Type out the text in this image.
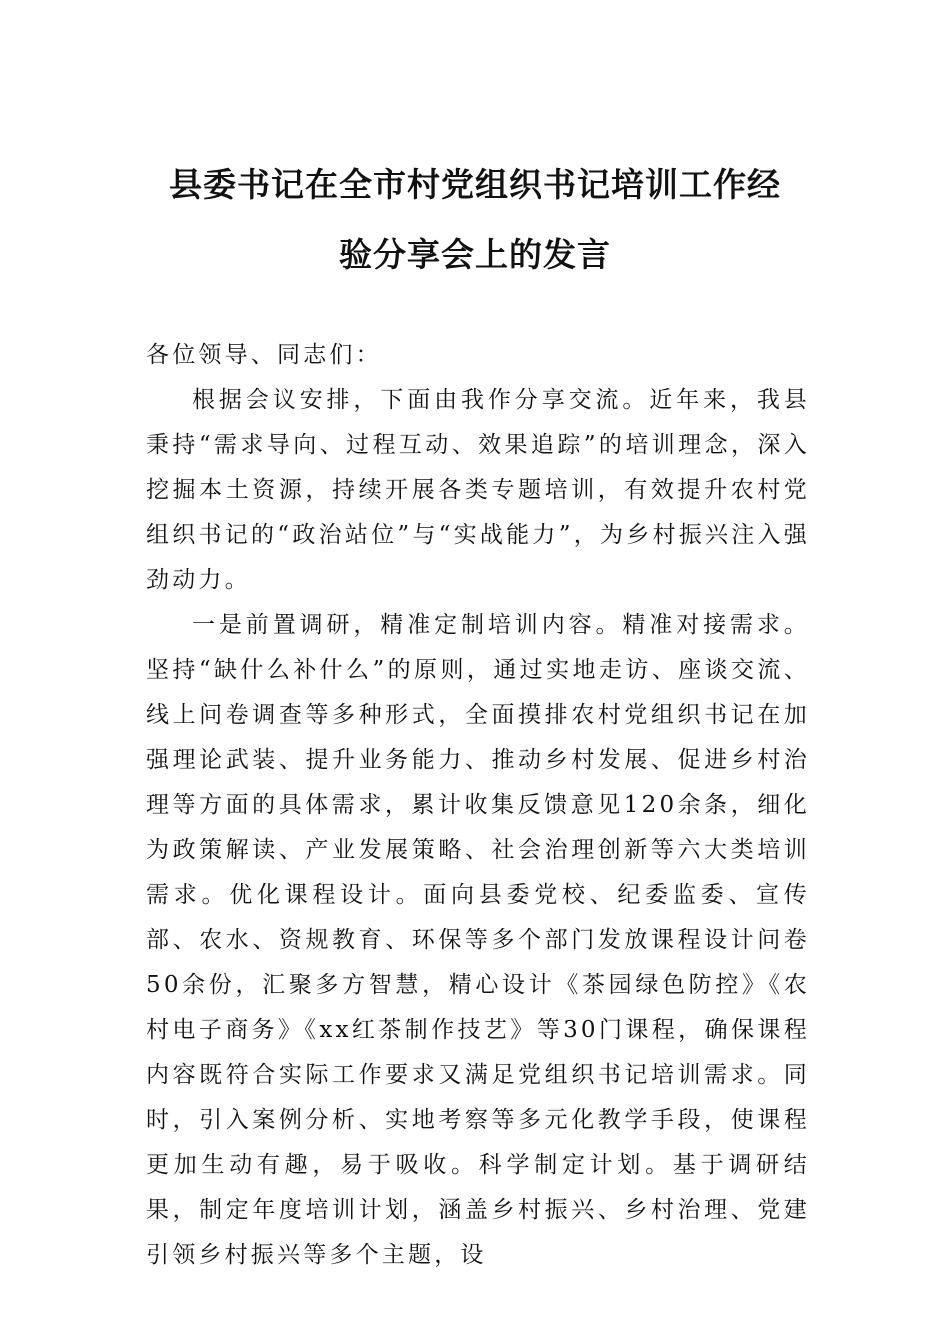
县委书记在全市村党组织书记培训工作经
验分享会上的发言

各位领导、同志们：

根据会议安排，下面由我作分享交流。近年来，我县秉持“需求导向、过程互动、效果追踪”的培训理念，深入挖掘本土资源，持续开展各类专题培训，有效提升农村党组织书记的“政治站位”与“实战能力”，为乡村振兴注入强劲动力。

一是前置调研，精准定制培训内容。精准对接需求。坚持“缺什么补什么”的原则，通过实地走访、座谈交流、线上问卷调查等多种形式，全面摸排农村党组织书记在加强理论武装、提升业务能力、推动乡村发展、促进乡村治理等方面的具体需求，累计收集反馈意见120余条，细化为政策解读、产业发展策略、社会治理创新等六大类培训需求。优化课程设计。面向县委党校、纪委监委、宣传部、农水、资规教育、环保等多个部门发放课程设计问卷50余份，汇聚多方智慧，精心设计《茶园绿色防控》《农村电子商务》《xx红茶制作技艺》等30门课程，确保课程内容既符合实际工作要求又满足党组织书记培训需求。同时，引入案例分析、实地考察等多元化教学手段，使课程更加生动有趣，易于吸收。科学制定计划。基于调研结果，制定年度培训计划，涵盖乡村振兴、乡村治理、党建引领乡村振兴等多个主题，设
